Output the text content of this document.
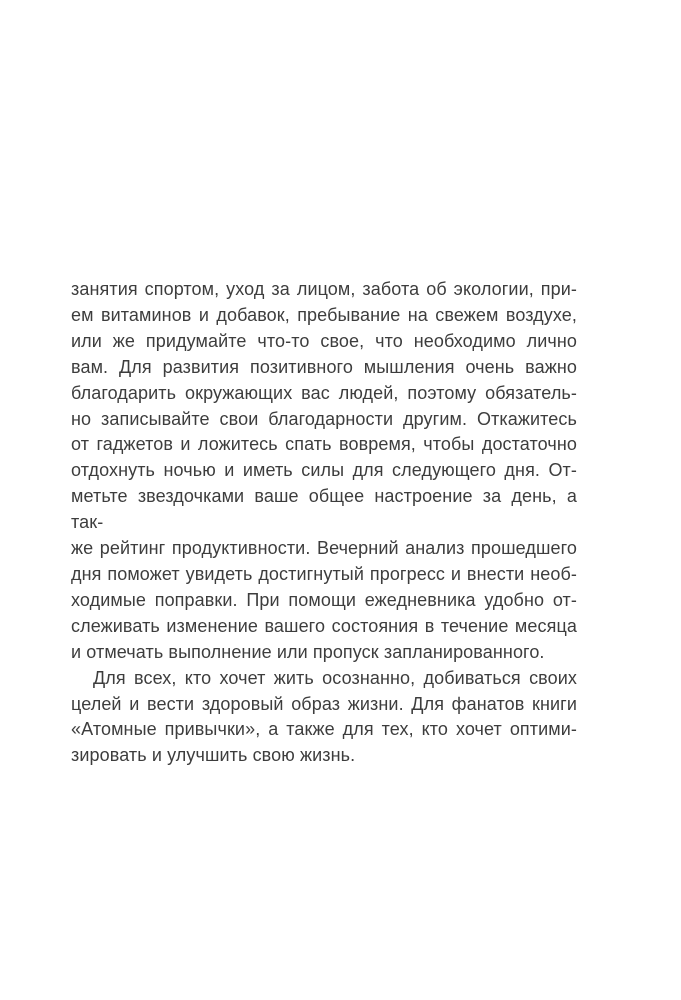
занятия спортом, уход за лицом, забота об экологии, при-
ем витаминов и добавок, пребывание на свежем воздухе,
или же придумайте что-то свое, что необходимо лично
вам. Для развития позитивного мышления очень важно
благодарить окружающих вас людей, поэтому обязатель-
но записывайте свои благодарности другим. Откажитесь
от гаджетов и ложитесь спать вовремя, чтобы достаточно
отдохнуть ночью и иметь силы для следующего дня. От-
метьте звездочками ваше общее настроение за день, а так-
же рейтинг продуктивности. Вечерний анализ прошедшего
дня поможет увидеть достигнутый прогресс и внести необ-
ходимые поправки. При помощи ежедневника удобно от-
слеживать изменение вашего состояния в течение месяца
и отмечать выполнение или пропуск запланированного.
Для всех, кто хочет жить осознанно, добиваться своих
целей и вести здоровый образ жизни. Для фанатов книги
«Атомные привычки», а также для тех, кто хочет оптими-
зировать и улучшить свою жизнь.
